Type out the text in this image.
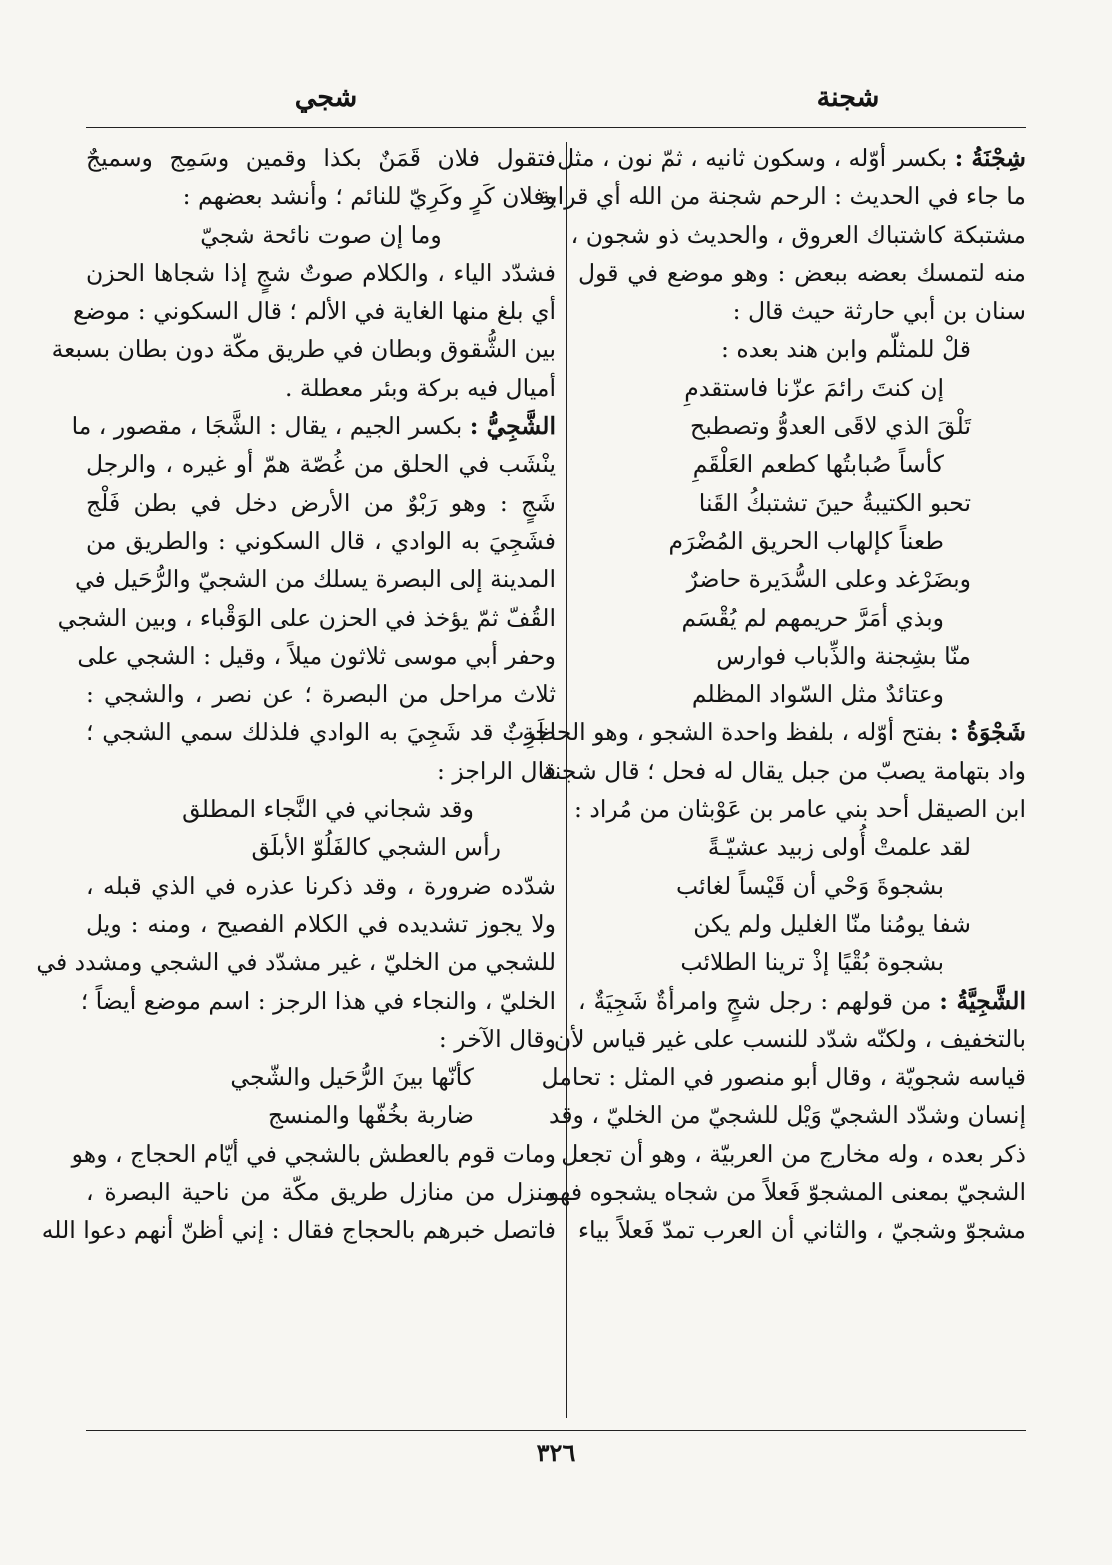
شجنة
شجي
شِجْنَةُ : بكسر أوّله ، وسكون ثانيه ، ثمّ نون ، مثل
ما جاء في الحديث : الرحم شجنة من الله أي قرابة
مشتبكة كاشتباك العروق ، والحديث ذو شجون ،
منه لتمسك بعضه ببعض : وهو موضع في قول
سنان بن أبي حارثة حيث قال :
قلْ للمثلّم وابن هند بعده :
إن كنتَ رائمَ عزّنا فاستقدمِ
تَلْقَ الذي لاقَى العدوُّ وتصطبح
كأساً صُبابتُها كطعم العَلْقَمِ
تحبو الكتيبةُ حينَ تشتبكُ القَنا
طعناً كإلهاب الحريق المُضْرَم
وبضَرْغد وعلى السُّدَيرة حاضرٌ
وبذي أمَرَّ حريمهم لم يُقْسَم
منّا بشِجنة والذِّباب فوارس
وعتائدٌ مثل السّواد المظلم
شَجْوَةُ : بفتح أوّله ، بلفظ واحدة الشجو ، وهو الحاجة :
واد بتهامة يصبّ من جبل يقال له فحل ؛ قال شجنة
ابن الصيقل أحد بني عامر بن عَوْبثان من مُراد :
لقد علمتْ أُولى زبيد عشيّـةً
بشجوةَ وَحْي أن قَيْساً لغائب
شفا يومُنا منّا الغليل ولم يكن
بشجوة بُقْيًا إذْ ترينا الطلائب
الشَّجِيَّةُ : من قولهم : رجل شجٍ وامرأةٌ شَجِيَةٌ ،
بالتخفيف ، ولكنّه شدّد للنسب على غير قياس لأن
قياسه شجويّة ، وقال أبو منصور في المثل : تحامل
إنسان وشدّد الشجيّ وَيْل للشجيّ من الخليّ ، وقد
ذكر بعده ، وله مخارج من العربيّة ، وهو أن تجعل
الشجيّ بمعنى المشجوّ فَعلاً من شجاه يشجوه فهو
مشجوّ وشجيّ ، والثاني أن العرب تمدّ فَعلاً بياء
فتقول فلان قَمَنٌ بكذا وقمين وسَمِج وسميجٌ
وفلان كَرٍ وكَرِيّ للنائم ؛ وأنشد بعضهم :
وما إن صوت نائحة شجيّ
فشدّد الياء ، والكلام صوتٌ شجٍ إذا شجاها الحزن
أي بلغ منها الغاية في الألم ؛ قال السكوني : موضع
بين الشُّقوق وبطان في طريق مكّة دون بطان بسبعة
أميال فيه بركة وبئر معطلة .
الشَّجِيُّ : بكسر الجيم ، يقال : الشَّجَا ، مقصور ، ما
ينْشَب في الحلق من غُصّة همّ أو غيره ، والرجل
شَجٍ : وهو رَبْوٌ من الأرض دخل في بطن فَلْج
فشَجِيَ به الوادي ، قال السكوني : والطريق من
المدينة إلى البصرة يسلك من الشجيّ والرُّحَيل في
القُفّ ثمّ يؤخذ في الحزن على الوَقْباء ، وبين الشجي
وحفر أبي موسى ثلاثون ميلاً ، وقيل : الشجي على
ثلاث مراحل من البصرة ؛ عن نصر ، والشجي :
ظَرِبٌ قد شَجِيَ به الوادي فلذلك سمي الشجي ؛
قال الراجز :
وقد شجاني في النَّجاء المطلق
رأس الشجي كالفَلُوّ الأبلَق
شدّده ضرورة ، وقد ذكرنا عذره في الذي قبله ،
ولا يجوز تشديده في الكلام الفصيح ، ومنه : ويل
للشجي من الخليّ ، غير مشدّد في الشجي ومشدد في
الخليّ ، والنجاء في هذا الرجز : اسم موضع أيضاً ؛
وقال الآخر :
كأنّها بينَ الرُّحَيل والشّجي
ضاربة بخُفّها والمنسج
ومات قوم بالعطش بالشجي في أيّام الحجاج ، وهو
منزل من منازل طريق مكّة من ناحية البصرة ،
فاتصل خبرهم بالحجاج فقال : إني أظنّ أنهم دعوا الله
٣٢٦
